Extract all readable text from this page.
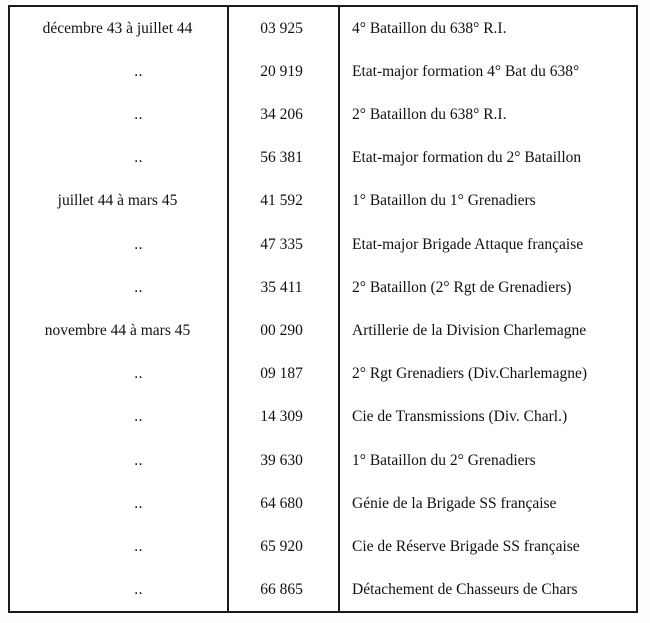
décembre 43 à juillet 44	03 925	4° Bataillon du 638° R.I.
..	20 919	Etat-major formation 4° Bat du 638°
..	34 206	2° Bataillon du 638° R.I.
..	56 381	Etat-major formation du 2° Bataillon
juillet 44 à mars 45	41 592	1° Bataillon du 1° Grenadiers
..	47 335	Etat-major Brigade Attaque française
..	35 411	2° Bataillon (2° Rgt de Grenadiers)
novembre 44 à mars 45	00 290	Artillerie de la Division Charlemagne
..	09 187	2° Rgt Grenadiers (Div.Charlemagne)
..	14 309	Cie de Transmissions (Div. Charl.)
..	39 630	1° Bataillon du 2° Grenadiers
..	64 680	Génie de la Brigade SS française
..	65 920	Cie de Réserve Brigade SS française
..	66 865	Détachement de Chasseurs de Chars
